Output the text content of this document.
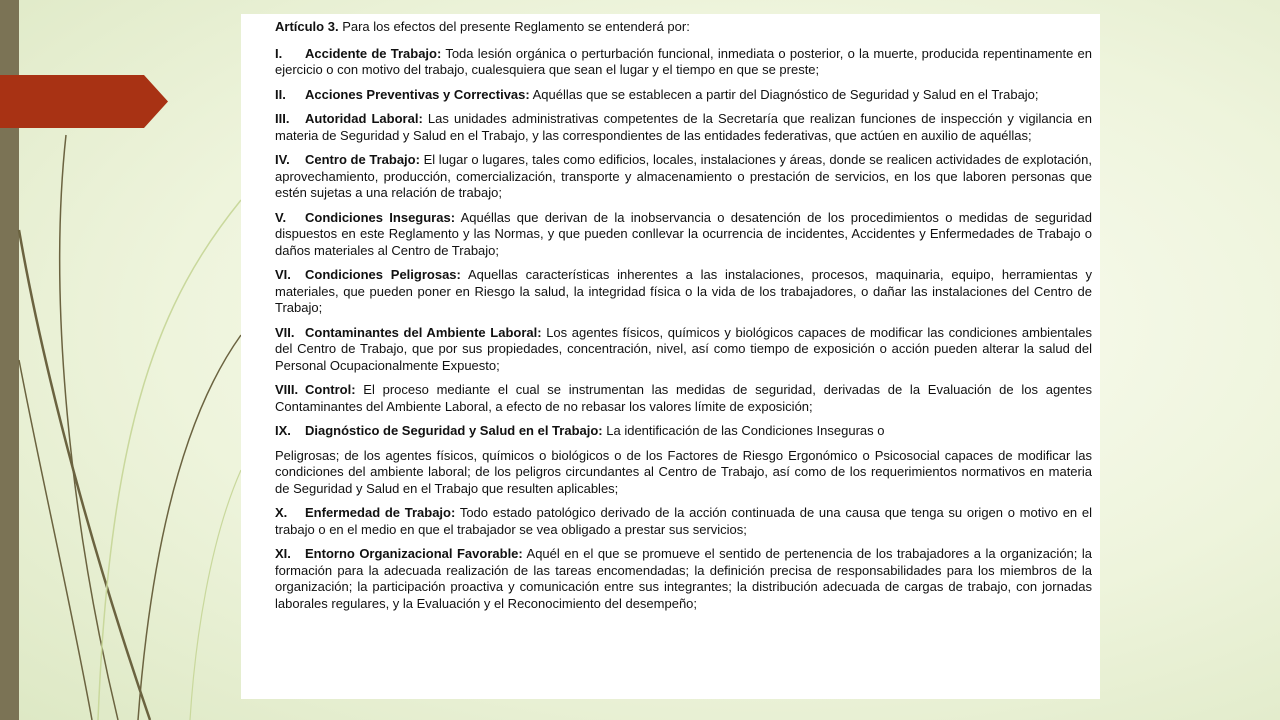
Artículo 3. Para los efectos del presente Reglamento se entenderá por:

I. Accidente de Trabajo: Toda lesión orgánica o perturbación funcional, inmediata o posterior, o la muerte, producida repentinamente en ejercicio o con motivo del trabajo, cualesquiera que sean el lugar y el tiempo en que se preste;

II. Acciones Preventivas y Correctivas: Aquéllas que se establecen a partir del Diagnóstico de Seguridad y Salud en el Trabajo;

III. Autoridad Laboral: Las unidades administrativas competentes de la Secretaría que realizan funciones de inspección y vigilancia en materia de Seguridad y Salud en el Trabajo, y las correspondientes de las entidades federativas, que actúen en auxilio de aquéllas;

IV. Centro de Trabajo: El lugar o lugares, tales como edificios, locales, instalaciones y áreas, donde se realicen actividades de explotación, aprovechamiento, producción, comercialización, transporte y almacenamiento o prestación de servicios, en los que laboren personas que estén sujetas a una relación de trabajo;

V. Condiciones Inseguras: Aquéllas que derivan de la inobservancia o desatención de los procedimientos o medidas de seguridad dispuestos en este Reglamento y las Normas, y que pueden conllevar la ocurrencia de incidentes, Accidentes y Enfermedades de Trabajo o daños materiales al Centro de Trabajo;

VI. Condiciones Peligrosas: Aquellas características inherentes a las instalaciones, procesos, maquinaria, equipo, herramientas y materiales, que pueden poner en Riesgo la salud, la integridad física o la vida de los trabajadores, o dañar las instalaciones del Centro de Trabajo;

VII. Contaminantes del Ambiente Laboral: Los agentes físicos, químicos y biológicos capaces de modificar las condiciones ambientales del Centro de Trabajo, que por sus propiedades, concentración, nivel, así como tiempo de exposición o acción pueden alterar la salud del Personal Ocupacionalmente Expuesto;

VIII. Control: El proceso mediante el cual se instrumentan las medidas de seguridad, derivadas de la Evaluación de los agentes Contaminantes del Ambiente Laboral, a efecto de no rebasar los valores límite de exposición;

IX. Diagnóstico de Seguridad y Salud en el Trabajo: La identificación de las Condiciones Inseguras o

Peligrosas; de los agentes físicos, químicos o biológicos o de los Factores de Riesgo Ergonómico o Psicosocial capaces de modificar las condiciones del ambiente laboral; de los peligros circundantes al Centro de Trabajo, así como de los requerimientos normativos en materia de Seguridad y Salud en el Trabajo que resulten aplicables;

X. Enfermedad de Trabajo: Todo estado patológico derivado de la acción continuada de una causa que tenga su origen o motivo en el trabajo o en el medio en que el trabajador se vea obligado a prestar sus servicios;

XI. Entorno Organizacional Favorable: Aquél en el que se promueve el sentido de pertenencia de los trabajadores a la organización; la formación para la adecuada realización de las tareas encomendadas; la definición precisa de responsabilidades para los miembros de la organización; la participación proactiva y comunicación entre sus integrantes; la distribución adecuada de cargas de trabajo, con jornadas laborales regulares, y la Evaluación y el Reconocimiento del desempeño;
